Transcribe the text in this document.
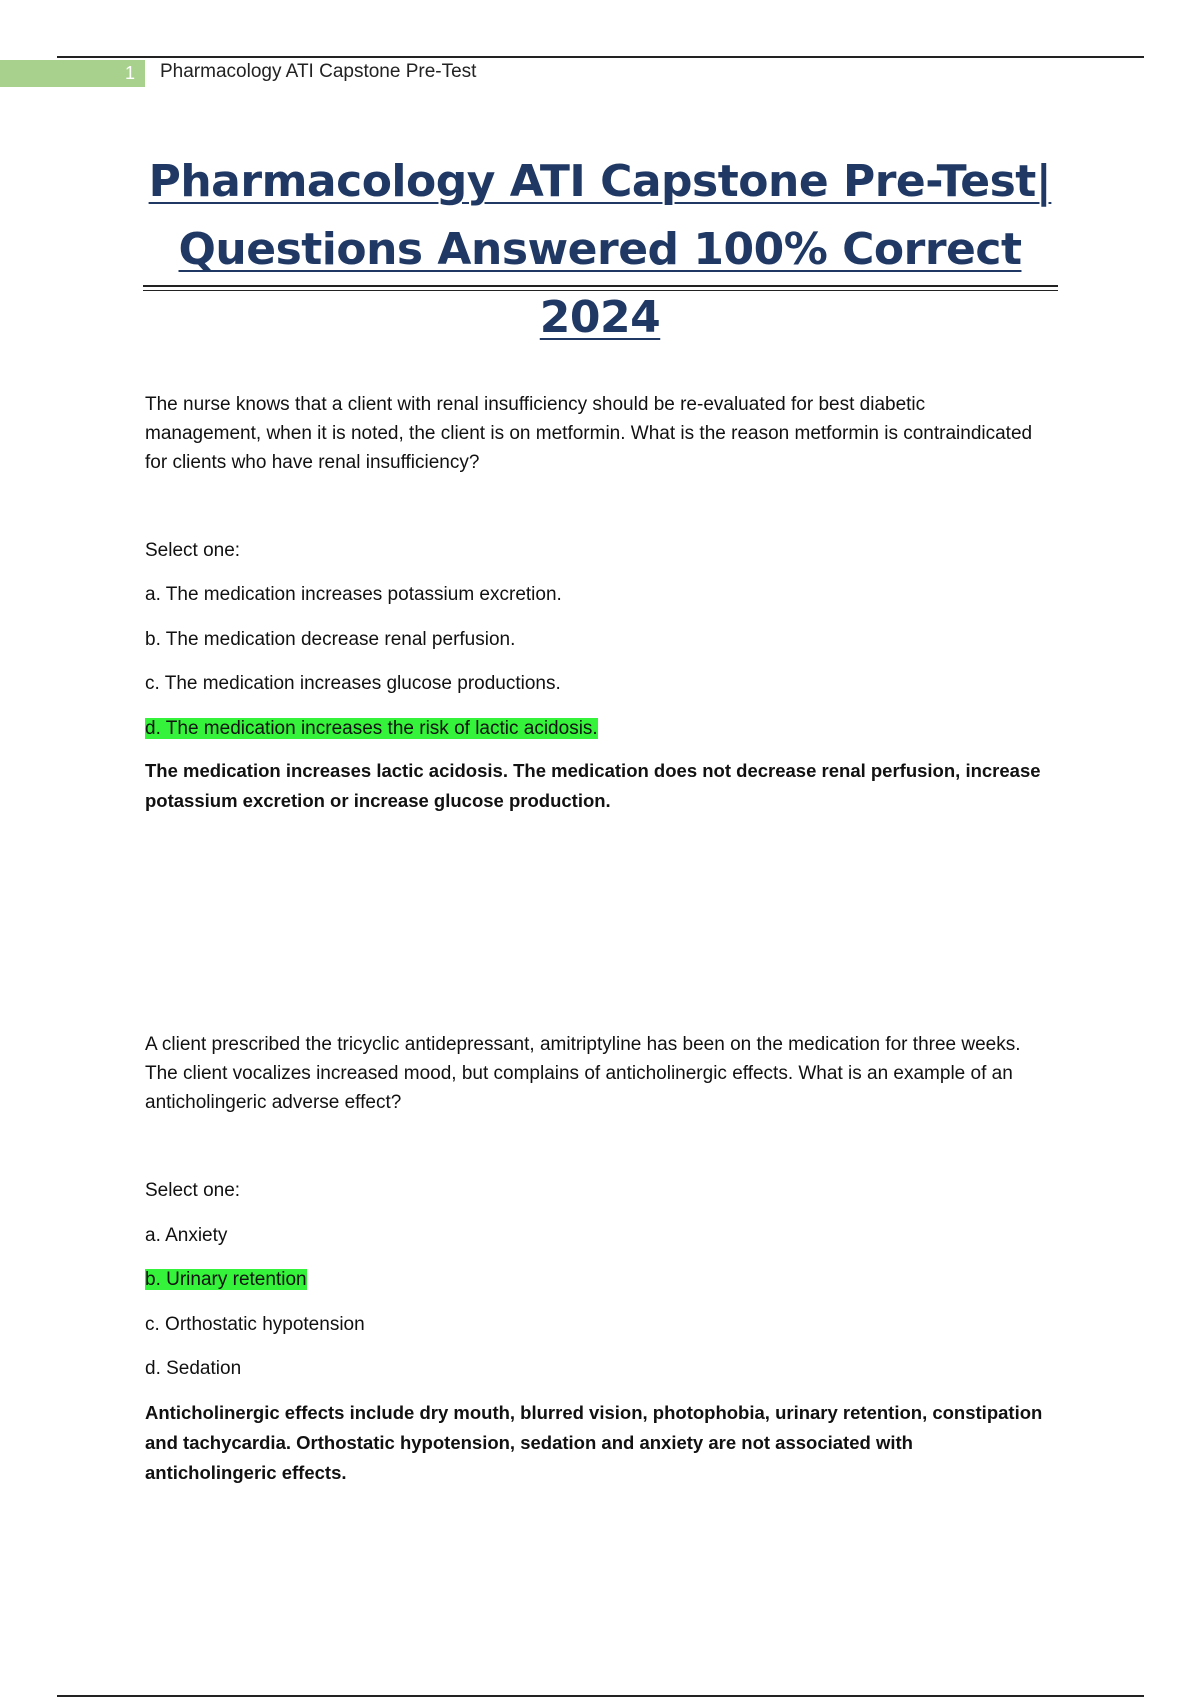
1 Pharmacology ATI Capstone Pre-Test
Pharmacology ATI Capstone Pre-Test|
Questions Answered 100% Correct 2024

The nurse knows that a client with renal insufficiency should be re-evaluated for best diabetic management, when it is noted, the client is on metformin. What is the reason metformin is contraindicated for clients who have renal insufficiency?

Select one:

a. The medication increases potassium excretion.

b. The medication decrease renal perfusion.

c. The medication increases glucose productions.

d. The medication increases the risk of lactic acidosis.

The medication increases lactic acidosis. The medication does not decrease renal perfusion, increase potassium excretion or increase glucose production.

A client prescribed the tricyclic antidepressant, amitriptyline has been on the medication for three weeks. The client vocalizes increased mood, but complains of anticholinergic effects. What is an example of an anticholingeric adverse effect?

Select one:

a. Anxiety

b. Urinary retention

c. Orthostatic hypotension

d. Sedation

Anticholinergic effects include dry mouth, blurred vision, photophobia, urinary retention, constipation and tachycardia. Orthostatic hypotension, sedation and anxiety are not associated with anticholingeric effects.
